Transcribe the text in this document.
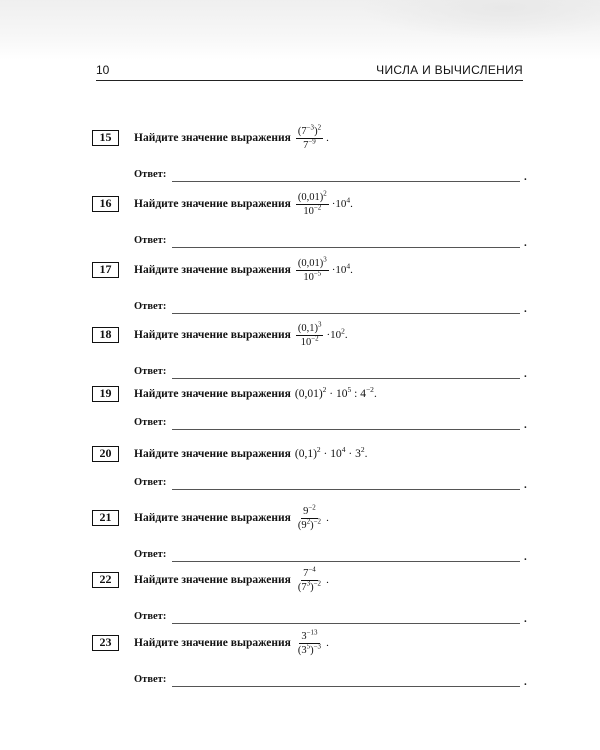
10	ЧИСЛА И ВЫЧИСЛЕНИЯ
15	Найдите значение выражения $\frac{(7^{-3})^2}{7^{-9}}$ .
Ответ:	.
16	Найдите значение выражения $\frac{(0,01)^2}{10^{-2}} \cdot 10^4$.
Ответ:	.
17	Найдите значение выражения $\frac{(0,01)^3}{10^{-5}} \cdot 10^4$.
Ответ:	.
18	Найдите значение выражения $\frac{(0,1)^3}{10^{-2}} \cdot 10^2$.
Ответ:	.
19	Найдите значение выражения $(0,01)^2 \cdot 10^5$ : $4^{-2}$.
Ответ:	.
20	Найдите значение выражения $(0,1)^2 \cdot 10^4 \cdot 3^2$.
Ответ:	.
21	Найдите значение выражения $\frac{9^{-2}}{(9^2)^{-2}}$ .
Ответ:	.
22	Найдите значение выражения $\frac{7^{-4}}{(7^3)^{-2}}$ .
Ответ:	.
23	Найдите значение выражения $\frac{3^{-13}}{(3^5)^{-3}}$ .
Ответ:	.
